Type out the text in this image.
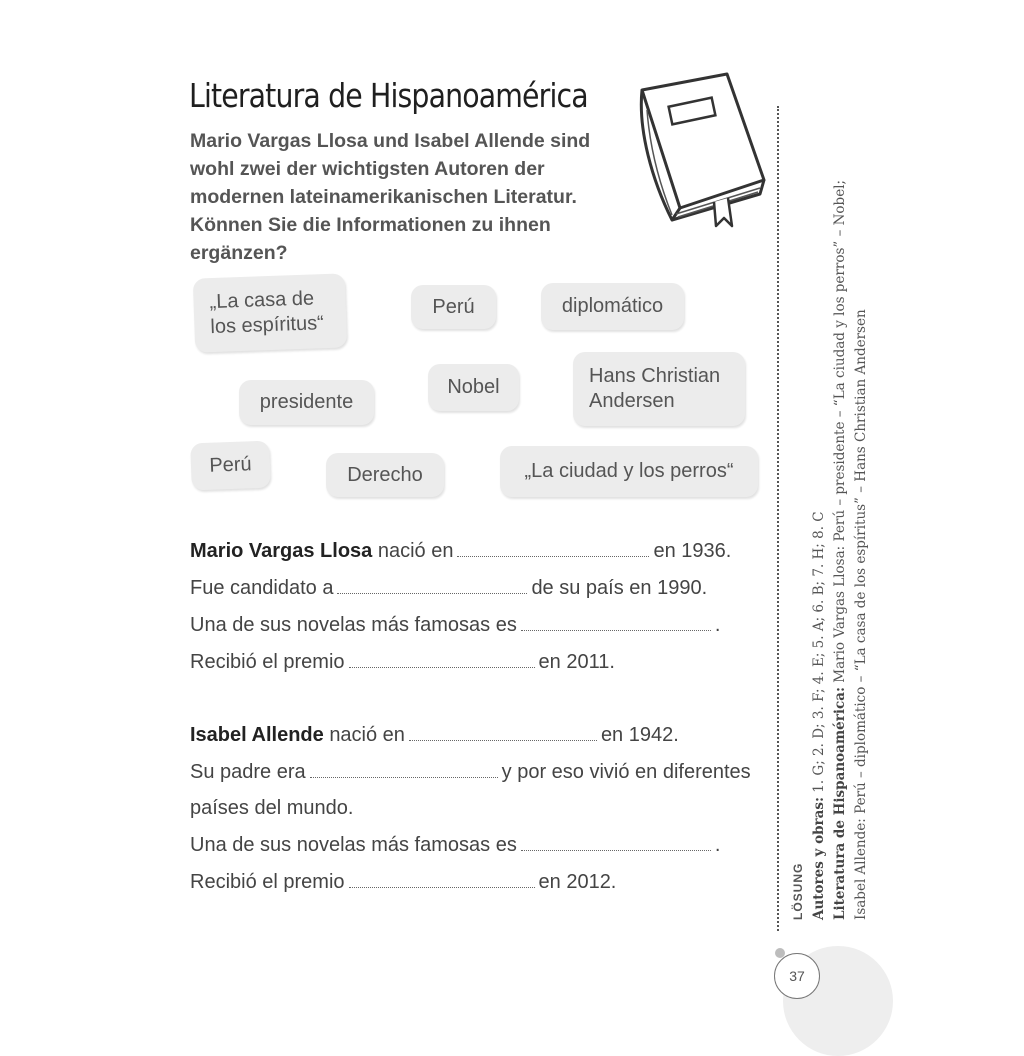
Literatura de Hispanoamérica

Mario Vargas Llosa und Isabel Allende sind wohl zwei der wichtigsten Autoren der modernen lateinamerikanischen Literatur. Können Sie die Informationen zu ihnen ergänzen?

„La casa de
los espíritus“
Perú	diplomático
presidente
Nobel	Hans Christian
Andersen
Perú	Derecho	„La ciudad y los perros“

Mario Vargas Llosa nació en	en 1936.

Fue candidato a	de su país en 1990.

Una de sus novelas más famosas es	.

Recibió el premio	en 2011.

Isabel Allende nació en	en 1942.

Su padre era	y por eso vivió en diferentes

países del mundo.

Una de sus novelas más famosas es	.

Recibió el premio	en 2012.	LÖSUNG Autores y obras: 1. G; 2. D; 3. F; 4. E; 5. A; 6. B; 7. H; 8. C

Literatura de Hispanoamérica: Mario Vargas Llosa: Perú – presidente – “La ciudad y los perros” – Nobel; Isabel Allende: Perú – diplomático – “La casa de los espíritus” – Hans Christian Andersen

37
